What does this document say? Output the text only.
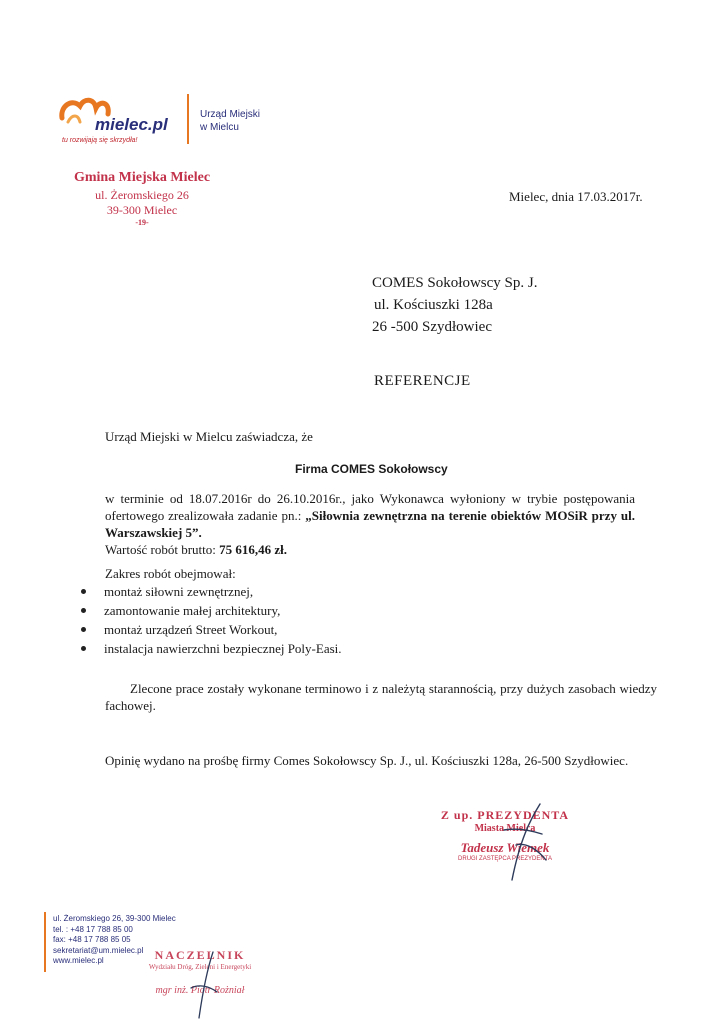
mielec.pl
tu rozwijają się skrzydła!
Urząd Miejski
w Mielcu
Gmina Miejska Mielec
ul. Żeromskiego 26
39-300 Mielec
-19-
Mielec, dnia 17.03.2017r.
COMES Sokołowscy Sp. J.
ul. Kościuszki 128a
26 -500 Szydłowiec
REFERENCJE
Urząd Miejski w Mielcu zaświadcza, że
Firma COMES Sokołowscy
w terminie od 18.07.2016r do 26.10.2016r., jako Wykonawca wyłoniony w trybie postępowania ofertowego zrealizowała zadanie pn.: „Siłownia zewnętrzna na terenie obiektów MOSiR przy ul. Warszawskiej 5”.
Wartość robót brutto: 75 616,46 zł.
Zakres robót obejmował:
montaż siłowni zewnętrznej,
zamontowanie małej architektury,
montaż urządzeń Street Workout,
instalacja nawierzchni bezpiecznej Poly-Easi.
Zlecone prace zostały wykonane terminowo i z należytą starannością, przy dużych zasobach wiedzy fachowej.
Opinię wydano na prośbę firmy Comes Sokołowscy Sp. J., ul. Kościuszki 128a, 26-500 Szydłowiec.
Z up. PREZYDENTA
Miasta Mielca
Tadeusz Wiemek
DRUGI ZASTĘPCA PREZYDENTA
ul. Żeromskiego 26, 39-300 Mielec
tel. : +48 17 788 85 00
fax: +48 17 788 85 05
sekretariat@um.mielec.pl
www.mielec.pl	NACZELNIK
Wydziału Dróg, Zieleni i Energetyki
mgr inż. Piotr Rożniał
